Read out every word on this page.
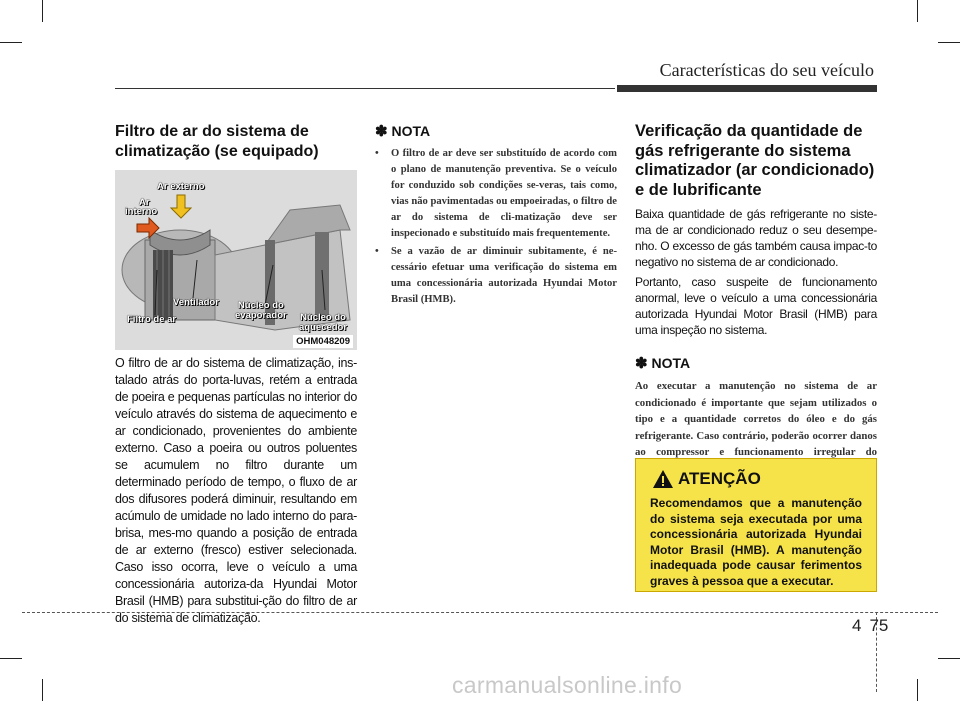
Características do seu veículo
Filtro de ar do sistema de
climatização (se equipado)
Ar externo
Ar
interno
Ventilador
Filtro de ar
Núcleo do
evaporador Núcleo do
aquecedor
OHM048209

O filtro de ar do sistema de climatização, ins-talado atrás do porta-luvas, retém a entrada de poeira e pequenas partículas no interior do veículo através do sistema de aquecimento e ar condicionado, provenientes do ambiente externo. Caso a poeira ou outros poluentes se acumulem no filtro durante um determinado período de tempo, o fluxo de ar dos difusores poderá diminuir, resultando em acúmulo de umidade no lado interno do para-brisa, mes-mo quando a posição de entrada de ar externo (fresco) estiver selecionada. Caso isso ocorra, leve o veículo a uma concessionária autoriza-da Hyundai Motor Brasil (HMB) para substitui-ção do filtro de ar do sistema de climatização.

✽ NOTA

• O filtro de ar deve ser substituído de acordo com o plano de manutenção preventiva. Se o veículo for conduzido sob condições se-veras, tais como, vias não pavimentadas ou empoeiradas, o filtro de ar do sistema de cli-matização deve ser inspecionado e substituído mais frequentemente.
• Se a vazão de ar diminuir subitamente, é ne-cessário efetuar uma verificação do sistema em uma concessionária autorizada Hyundai Motor Brasil (HMB).
Verificação da quantidade de
gás refrigerante do sistema
climatizador (ar condicionado)
e de lubrificante

Baixa quantidade de gás refrigerante no siste-ma de ar condicionado reduz o seu desempe-nho. O excesso de gás também causa impac-to negativo no sistema de ar condicionado.

Portanto, caso suspeite de funcionamento anormal, leve o veículo a uma concessionária autorizada Hyundai Motor Brasil (HMB) para uma inspeção no sistema.

✽ NOTA

Ao executar a manutenção no sistema de ar condicionado é importante que sejam utilizados o tipo e a quantidade corretos do óleo e do gás refrigerante. Caso contrário, poderão ocorrer danos ao compressor e funcionamento irregular do

ATENÇÃO

Recomendamos que a manutenção do sistema seja executada por uma concessionária autorizada Hyundai Motor Brasil (HMB). A manutenção inadequada pode causar ferimentos graves à pessoa que a executar.

4 75
carmanualsonline.info
